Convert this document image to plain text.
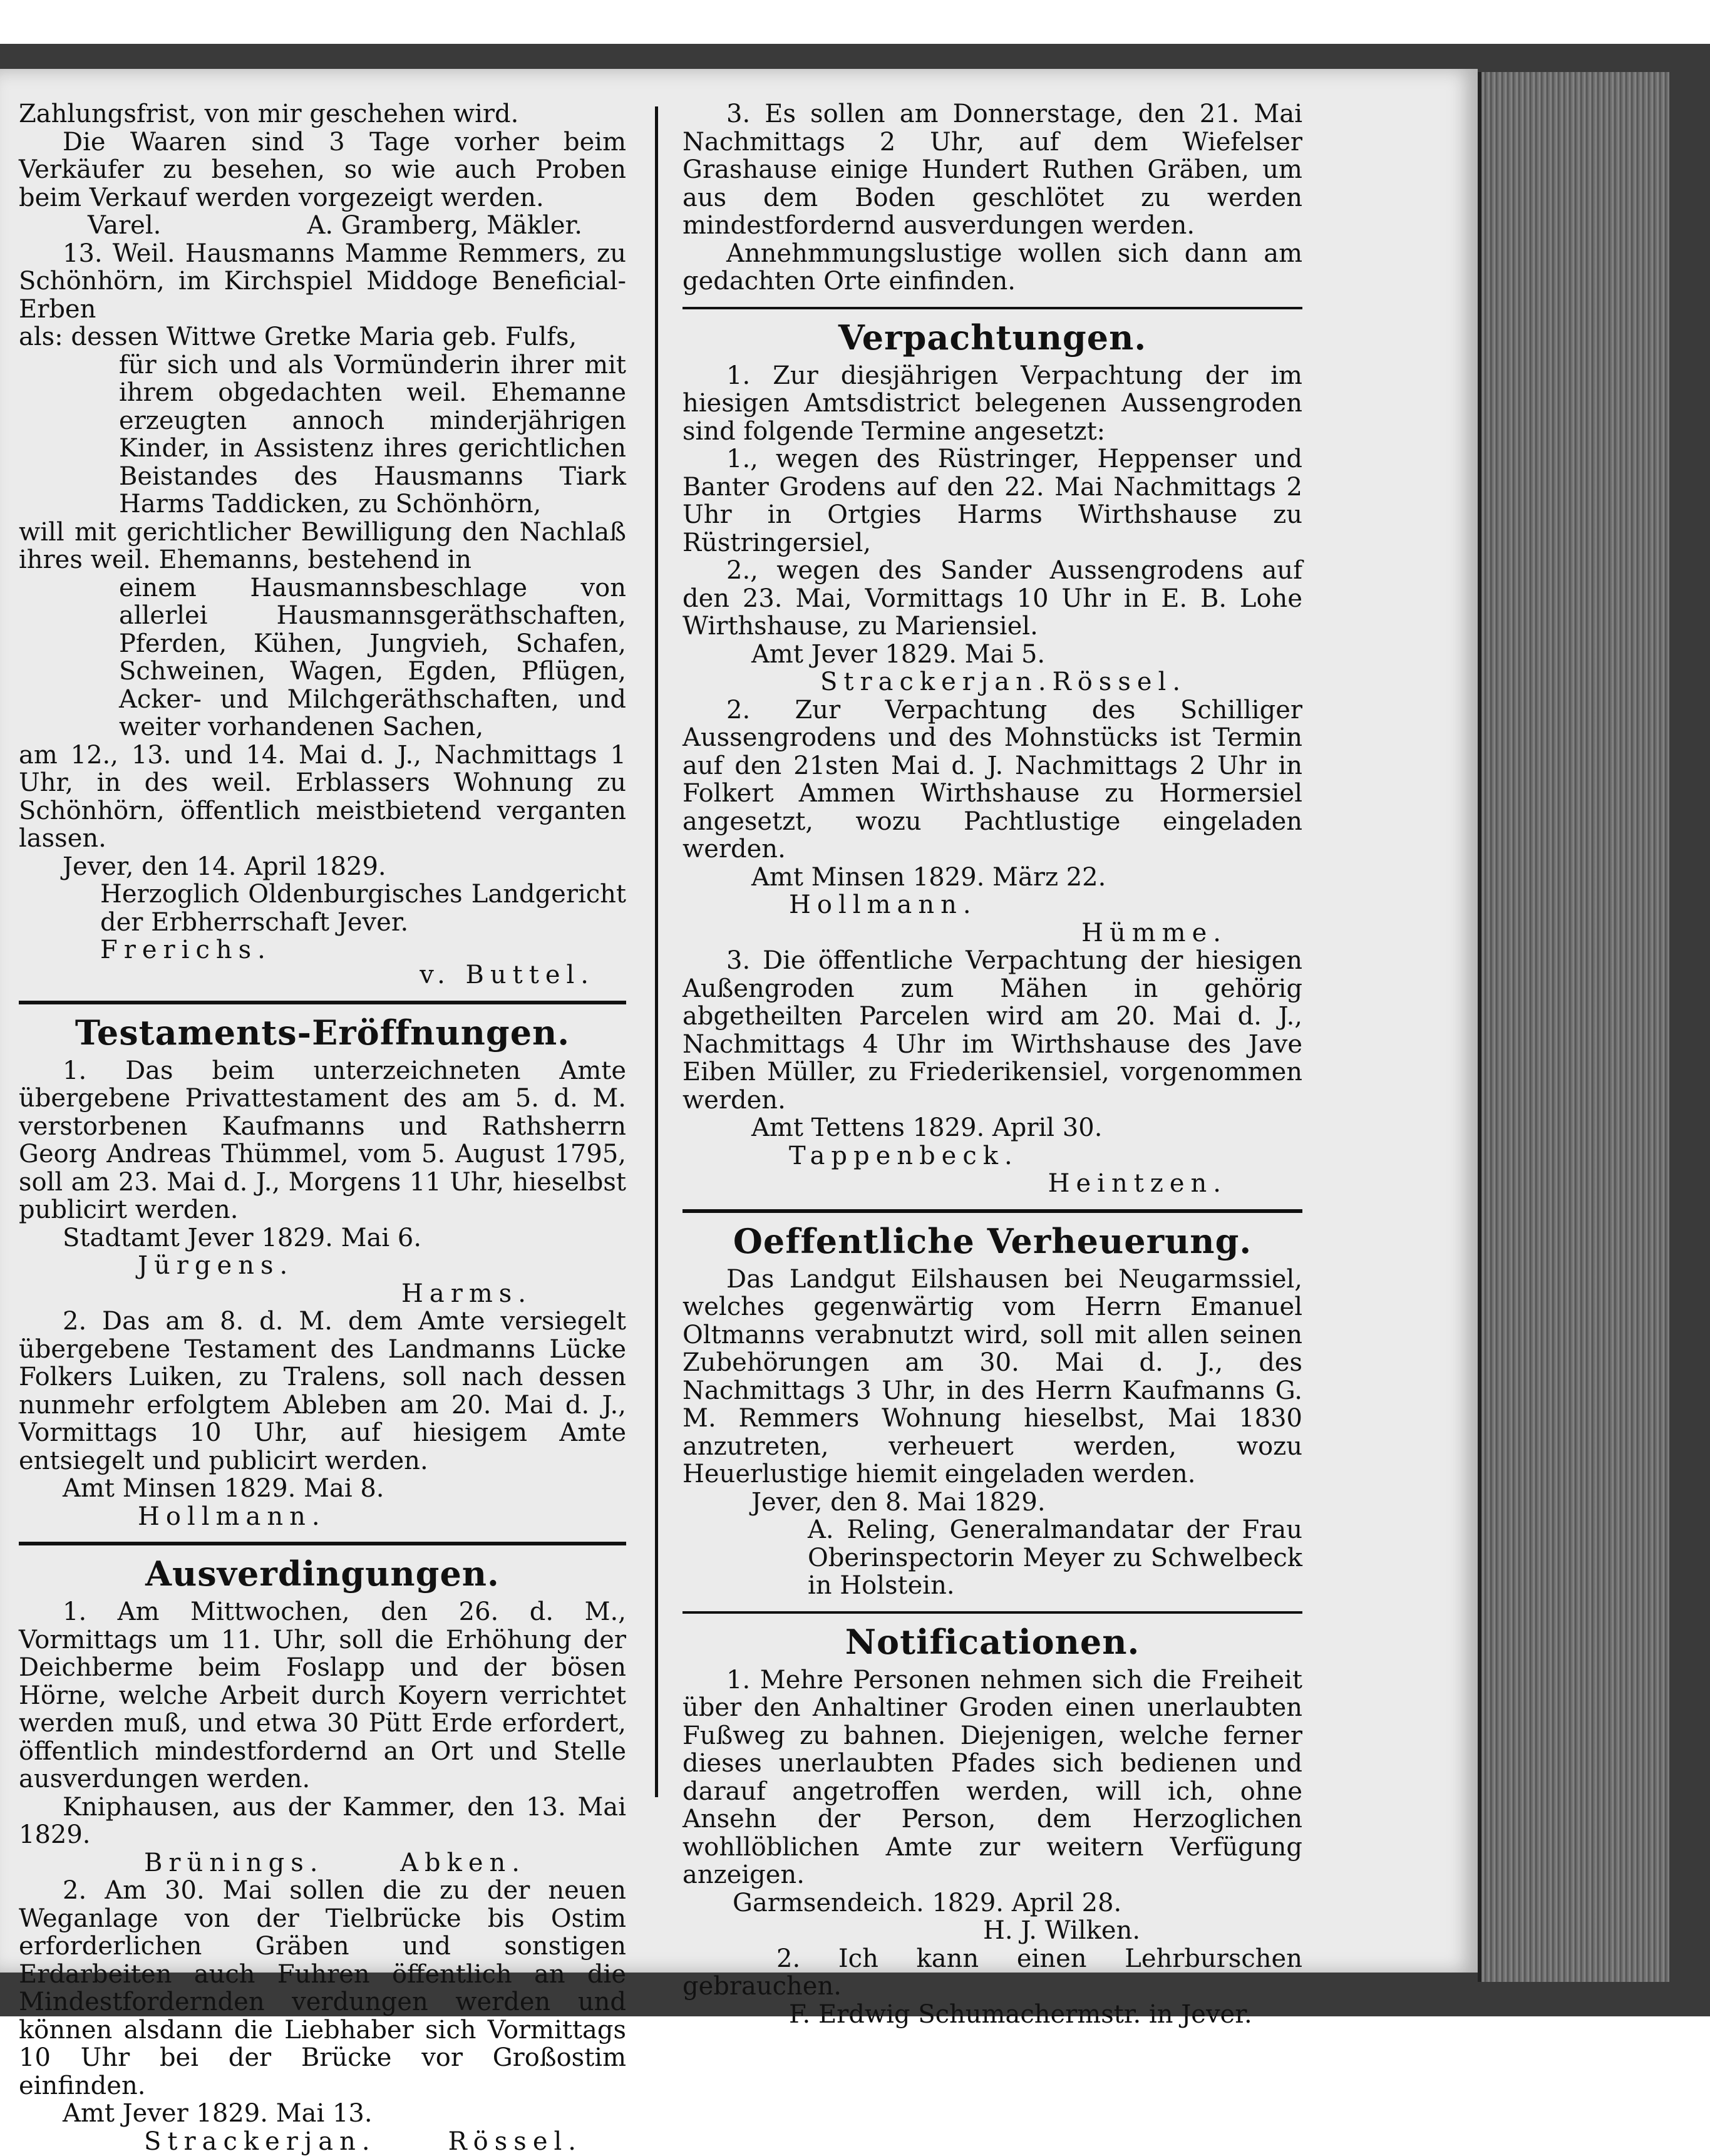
Zahlungsfrist, von mir geschehen wird.

Die Waaren sind 3 Tage vorher beim Verkäufer zu besehen, so wie auch Proben beim Verkauf werden vorgezeigt werden.

Varel.	A. Gramberg, Mäkler.

13. Weil. Hausmanns Mamme Remmers, zu Schönhörn, im Kirchspiel Middoge Beneficial-Erben

als: dessen Wittwe Gretke Maria geb. Fulfs,

für sich und als Vormünderin ihrer mit ihrem obgedachten weil. Ehemanne erzeugten annoch minderjährigen Kinder, in Assistenz ihres gerichtlichen Beistandes des Hausmanns Tiark Harms Taddicken, zu Schönhörn,

will mit gerichtlicher Bewilligung den Nachlaß ihres weil. Ehemanns, bestehend in

einem Hausmannsbeschlage von allerlei Hausmannsgeräthschaften, Pferden, Kühen, Jungvieh, Schafen, Schweinen, Wagen, Egden, Pflügen, Acker- und Milchgeräthschaften, und weiter vorhandenen Sachen,

am 12., 13. und 14. Mai d. J., Nachmittags 1 Uhr, in des weil. Erblassers Wohnung zu Schönhörn, öffentlich meistbietend verganten lassen.

Jever, den 14. April 1829.

Herzoglich Oldenburgisches Landgericht der Erbherrschaft Jever.

Frerichs.
v. Buttel.
Testaments-Eröffnungen.

1. Das beim unterzeichneten Amte übergebene Privattestament des am 5. d. M. verstorbenen Kaufmanns und Rathsherrn Georg Andreas Thümmel, vom 5. August 1795, soll am 23. Mai d. J., Morgens 11 Uhr, hieselbst publicirt werden.

Stadtamt Jever 1829. Mai 6.

Jürgens.

Harms.

2. Das am 8. d. M. dem Amte versiegelt übergebene Testament des Landmanns Lücke Folkers Luiken, zu Tralens, soll nach dessen nunmehr erfolgtem Ableben am 20. Mai d. J., Vormittags 10 Uhr, auf hiesigem Amte entsiegelt und publicirt werden.

Amt Minsen 1829. Mai 8.

Hollmann.

Ausverdingungen.

1. Am Mittwochen, den 26. d. M., Vormittags um 11. Uhr, soll die Erhöhung der Deichberme beim Foslapp und der bösen Hörne, welche Arbeit durch Koyern verrichtet werden muß, und etwa 30 Pütt Erde erfordert, öffentlich mindestfordernd an Ort und Stelle ausverdungen werden.

Kniphausen, aus der Kammer, den 13. Mai 1829.

Brünings.	Abken.

2. Am 30. Mai sollen die zu der neuen Weganlage von der Tielbrücke bis Ostim erforderlichen Gräben und sonstigen Erdarbeiten auch Fuhren öffentlich an die Mindestfordernden verdungen werden und können alsdann die Liebhaber sich Vormittags 10 Uhr bei der Brücke vor Großostim einfinden.

Amt Jever 1829. Mai 13.

Strackerjan.	Rössel.

3. Es sollen am Donnerstage, den 21. Mai Nachmittags 2 Uhr, auf dem Wiefelser Grashause einige Hundert Ruthen Gräben, um aus dem Boden geschlötet zu werden mindestfordernd ausverdungen werden.

Annehmmungslustige wollen sich dann am gedachten Orte einfinden.

Verpachtungen.

1. Zur diesjährigen Verpachtung der im hiesigen Amtsdistrict belegenen Aussengroden sind folgende Termine angesetzt:

1., wegen des Rüstringer, Heppenser und Banter Grodens auf den 22. Mai Nachmittags 2 Uhr in Ortgies Harms Wirthshause zu Rüstringersiel,

2., wegen des Sander Aussengrodens auf den 23. Mai, Vormittags 10 Uhr in E. B. Lohe Wirthshause, zu Mariensiel.

Amt Jever 1829. Mai 5.

Strackerjan. Rössel.

2. Zur Verpachtung des Schilliger Aussengrodens und des Mohnstücks ist Termin auf den 21sten Mai d. J. Nachmittags 2 Uhr in Folkert Ammen Wirthshause zu Hormersiel angesetzt, wozu Pachtlustige eingeladen werden.

Amt Minsen 1829. März 22.

Hollmann.

Hümme.

3. Die öffentliche Verpachtung der hiesigen Außengroden zum Mähen in gehörig abgetheilten Parcelen wird am 20. Mai d. J., Nachmittags 4 Uhr im Wirthshause des Jave Eiben Müller, zu Friederikensiel, vorgenommen werden.

Amt Tettens 1829. April 30.

Tappenbeck.

Heintzen.

Oeffentliche Verheuerung.

Das Landgut Eilshausen bei Neugarmssiel, welches gegenwärtig vom Herrn Emanuel Oltmanns verabnutzt wird, soll mit allen seinen Zubehörungen am 30. Mai d. J., des Nachmittags 3 Uhr, in des Herrn Kaufmanns G. M. Remmers Wohnung hieselbst, Mai 1830 anzutreten, verheuert werden, wozu Heuerlustige hiemit eingeladen werden.

Jever, den 8. Mai 1829.

A. Reling, Generalmandatar der Frau Oberinspectorin Meyer zu Schwelbeck in Holstein.

Notificationen.

1. Mehre Personen nehmen sich die Freiheit über den Anhaltiner Groden einen unerlaubten Fußweg zu bahnen. Diejenigen, welche ferner dieses unerlaubten Pfades sich bedienen und darauf angetroffen werden, will ich, ohne Ansehn der Person, dem Herzoglichen wohllöblichen Amte zur weitern Verfügung anzeigen.

Garmsendeich. 1829. April 28.

H. J. Wilken.

2. Ich kann einen Lehrburschen gebrauchen.

F. Erdwig Schumachermstr. in Jever.
